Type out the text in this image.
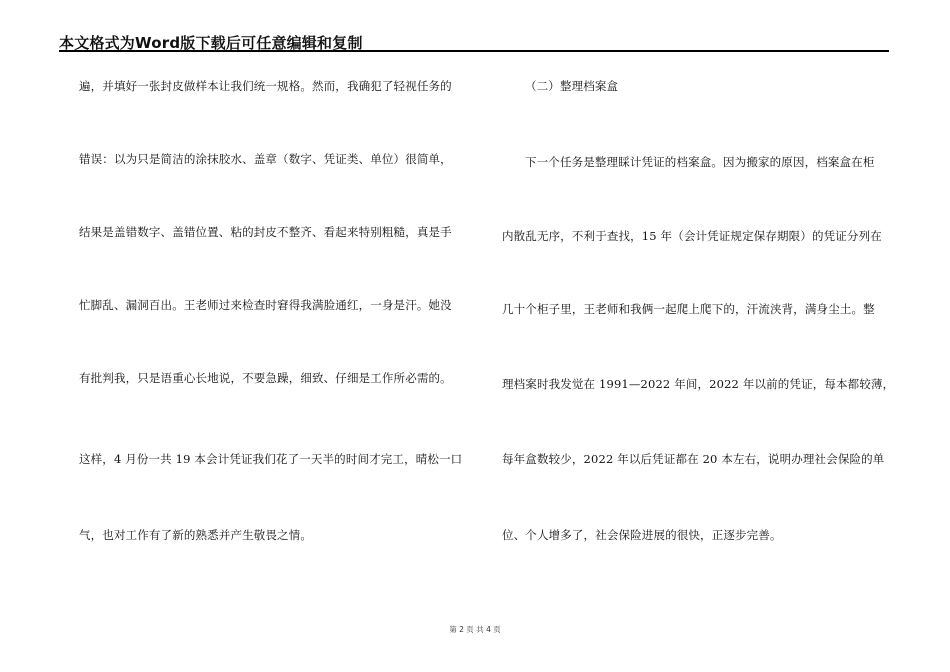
本文格式为Word版下载后可任意编辑和复制
遍，并填好一张封皮做样本让我们统一规格。然而，我确犯了轻视任务的
错误：以为只是简洁的涂抹胶水、盖章（数字、凭证类、单位）很简单，
结果是盖错数字、盖错位置、粘的封皮不整齐、看起来特别粗糙，真是手
忙脚乱、漏洞百出。王老师过来检查时窘得我满脸通红，一身是汗。她没
有批判我，只是语重心长地说，不要急躁，细致、仔细是工作所必需的。
这样，4 月份一共 19 本会计凭证我们花了一天半的时间才完工，晴松一口
气，也对工作有了新的熟悉并产生敬畏之情。
（二）整理档案盒
下一个任务是整理睬计凭证的档案盒。因为搬家的原因，档案盒在柜
内散乱无序，不利于查找，15 年（会计凭证规定保存期限）的凭证分列在
几十个柜子里，王老师和我俩一起爬上爬下的，汗流浃背，满身尘土。整
理档案时我发觉在 1991—2022 年间，2022 年以前的凭证，每本都较薄，
每年盒数较少，2022 年以后凭证都在 20 本左右，说明办理社会保险的单
位、个人增多了，社会保险进展的很快，正逐步完善。
第 2 页 共 4 页
